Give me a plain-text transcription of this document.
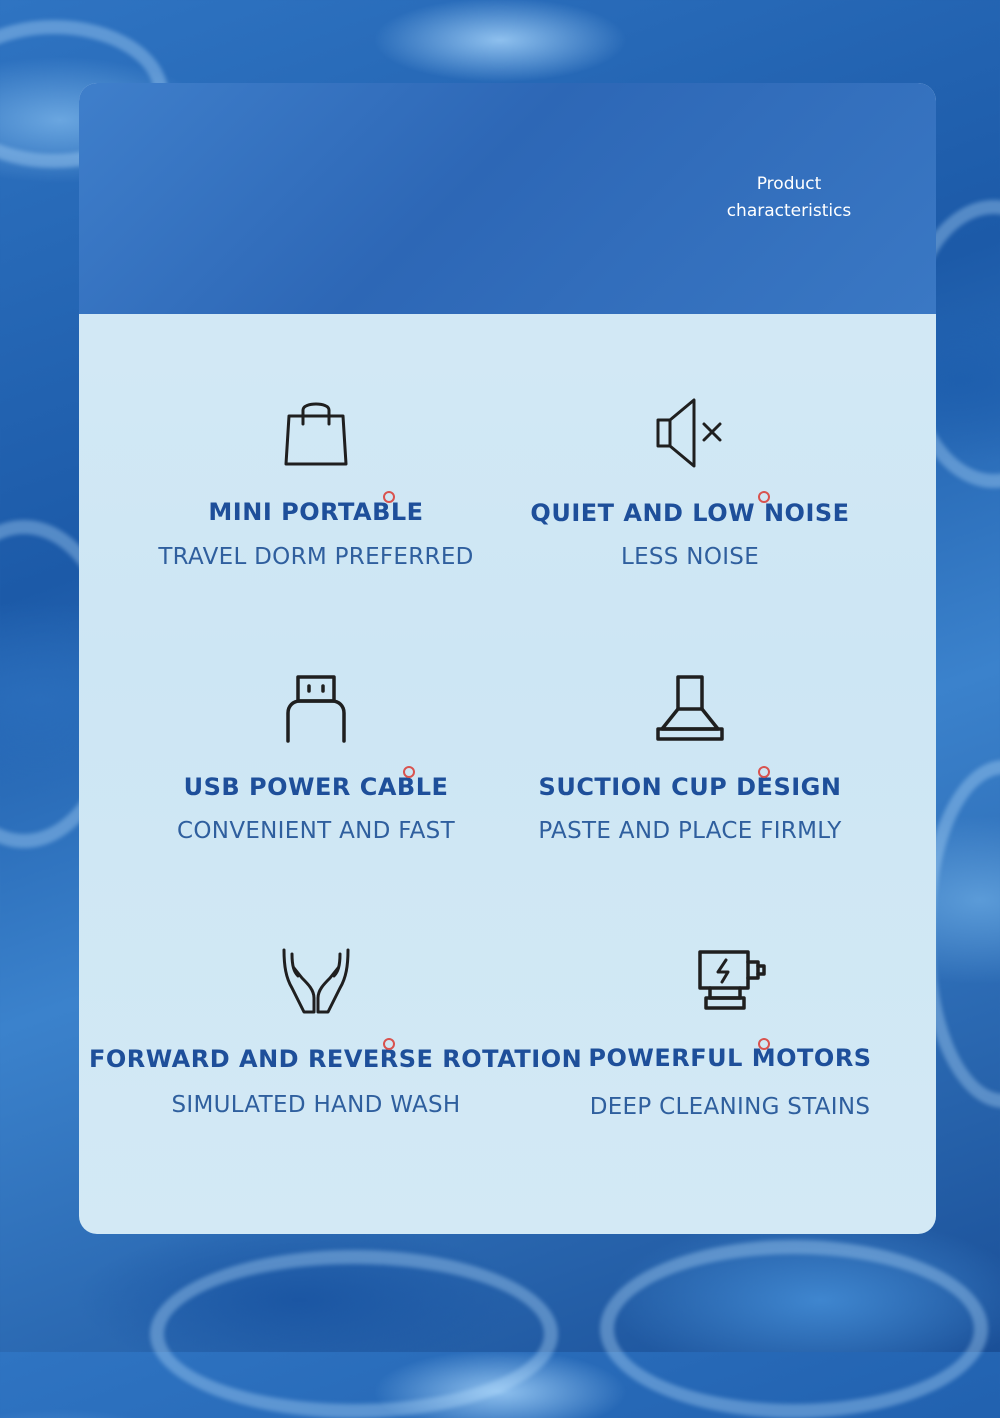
Product
characteristics
MINI PORTABLE
TRAVEL DORM PREFERRED
QUIET AND LOW NOISE
LESS NOISE
USB POWER CABLE
CONVENIENT AND FAST
SUCTION CUP DESIGN
PASTE AND PLACE FIRMLY
FORWARD AND REVERSE ROTATION
SIMULATED HAND WASH
POWERFUL MOTORS
DEEP CLEANING STAINS
